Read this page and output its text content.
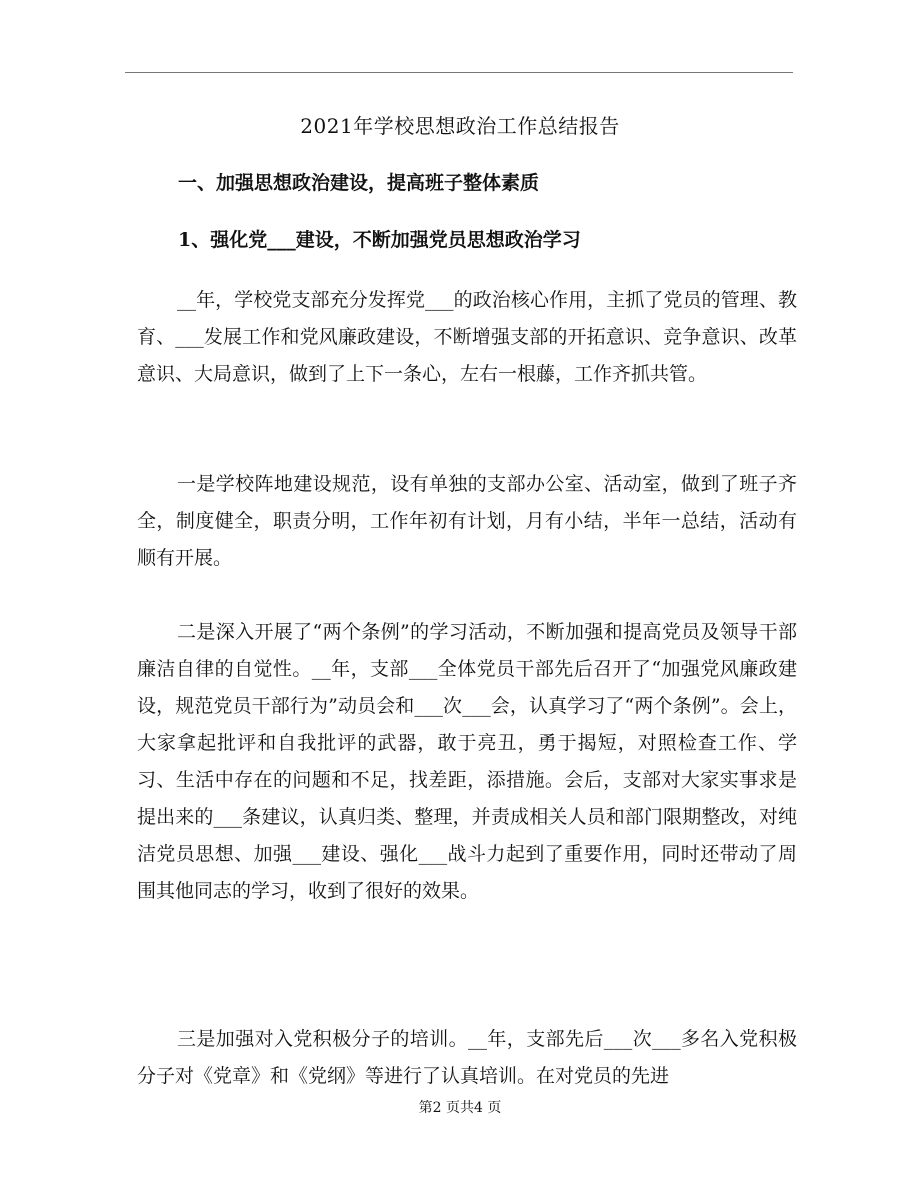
2021年学校思想政治工作总结报告
一、加强思想政治建设，提高班子整体素质
1、强化党___建设，不断加强党员思想政治学习

__年，学校党支部充分发挥党___的政治核心作用，主抓了党员的管理、教育、___发展工作和党风廉政建设，不断增强支部的开拓意识、竞争意识、改革意识、大局意识，做到了上下一条心，左右一根藤，工作齐抓共管。

一是学校阵地建设规范，设有单独的支部办公室、活动室，做到了班子齐全，制度健全，职责分明，工作年初有计划，月有小结，半年一总结，活动有顺有开展。

二是深入开展了“两个条例”的学习活动，不断加强和提高党员及领导干部廉洁自律的自觉性。__年，支部___全体党员干部先后召开了“加强党风廉政建设，规范党员干部行为”动员会和___次___会，认真学习了“两个条例”。会上，大家拿起批评和自我批评的武器，敢于亮丑，勇于揭短，对照检查工作、学习、生活中存在的问题和不足，找差距，添措施。会后，支部对大家实事求是提出来的___条建议，认真归类、整理，并责成相关人员和部门限期整改，对纯洁党员思想、加强___建设、强化___战斗力起到了重要作用，同时还带动了周围其他同志的学习，收到了很好的效果。

三是加强对入党积极分子的培训。__年，支部先后___次___多名入党积极分子对《党章》和《党纲》等进行了认真培训。在对党员的先进

第2 页共4 页
